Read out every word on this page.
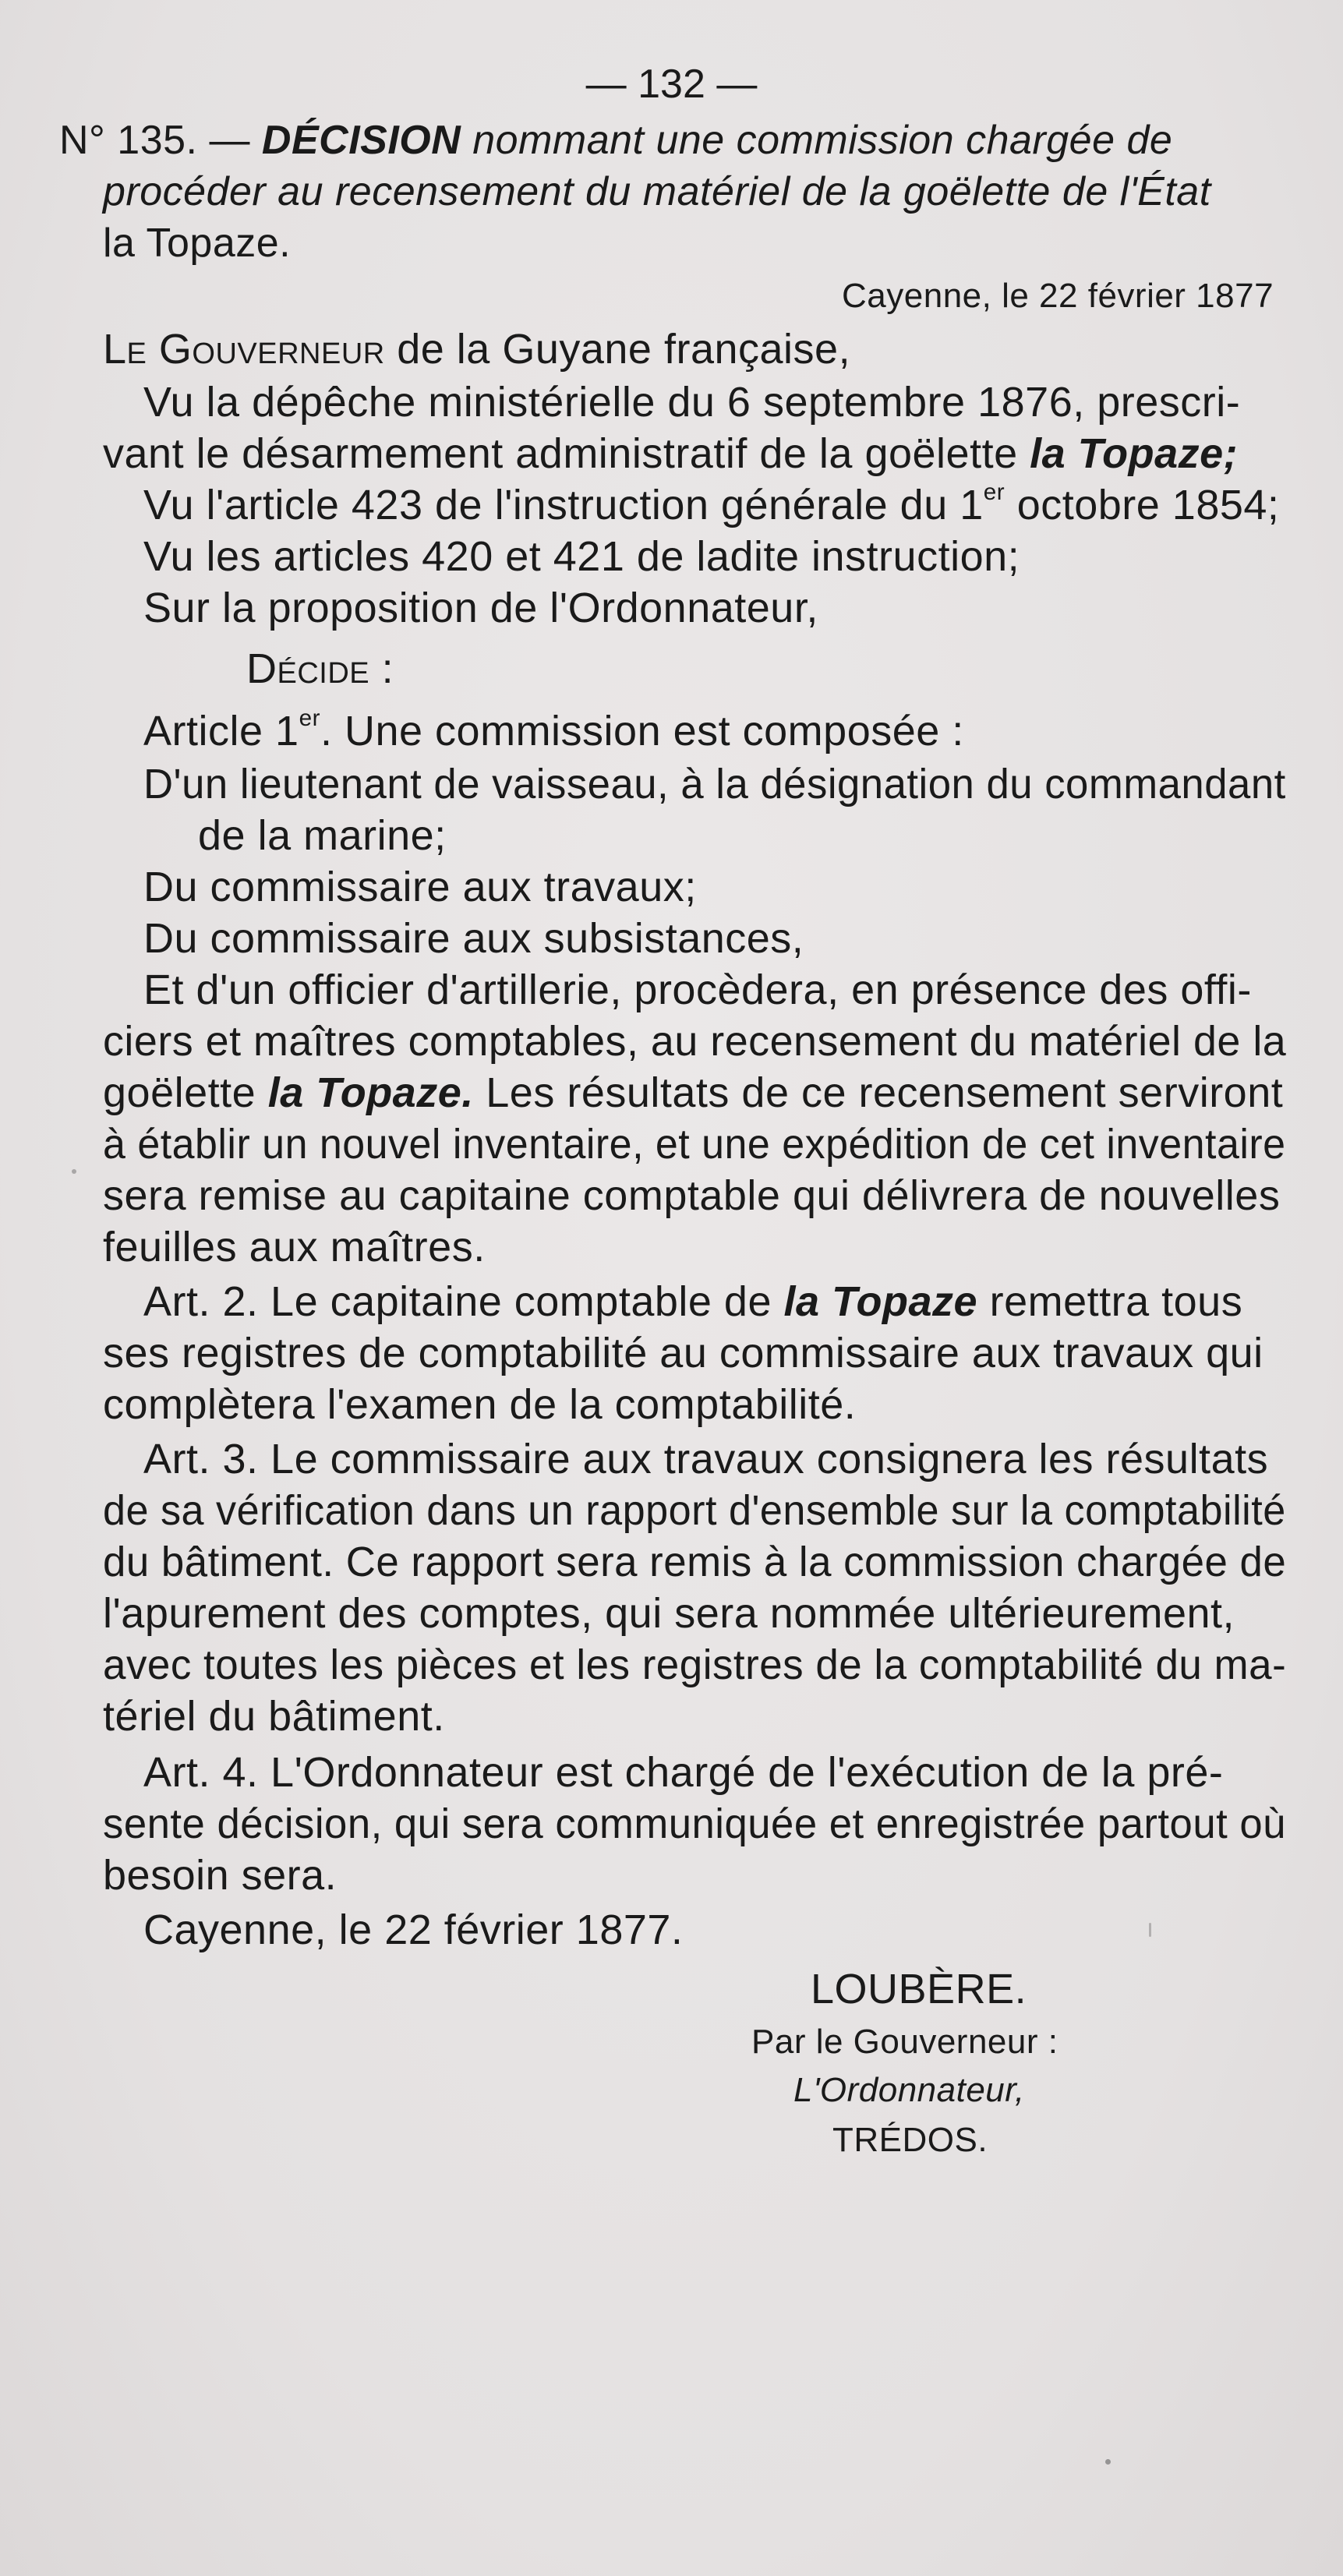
— 132 —
N° 135. — DÉCISION nommant une commission chargée de
procéder au recensement du matériel de la goëlette de l'État
la Topaze.
Cayenne, le 22 février 1877
Le Gouverneur de la Guyane française,
Vu la dépêche ministérielle du 6 septembre 1876, prescri-
vant le désarmement administratif de la goëlette la Topaze;
Vu l'article 423 de l'instruction générale du 1er octobre 1854;
Vu les articles 420 et 421 de ladite instruction;
Sur la proposition de l'Ordonnateur,
Décide :
Article 1er. Une commission est composée :
D'un lieutenant de vaisseau, à la désignation du commandant
de la marine;
Du commissaire aux travaux;
Du commissaire aux subsistances,
Et d'un officier d'artillerie, procèdera, en présence des offi-
ciers et maîtres comptables, au recensement du matériel de la
goëlette la Topaze. Les résultats de ce recensement serviront
à établir un nouvel inventaire, et une expédition de cet inventaire
sera remise au capitaine comptable qui délivrera de nouvelles
feuilles aux maîtres.
Art. 2. Le capitaine comptable de la Topaze remettra tous
ses registres de comptabilité au commissaire aux travaux qui
complètera l'examen de la comptabilité.
Art. 3. Le commissaire aux travaux consignera les résultats
de sa vérification dans un rapport d'ensemble sur la comptabilité
du bâtiment. Ce rapport sera remis à la commission chargée de
l'apurement des comptes, qui sera nommée ultérieurement,
avec toutes les pièces et les registres de la comptabilité du ma-
tériel du bâtiment.
Art. 4. L'Ordonnateur est chargé de l'exécution de la pré-
sente décision, qui sera communiquée et enregistrée partout où
besoin sera.
Cayenne, le 22 février 1877.
LOUBÈRE.
Par le Gouverneur :
L'Ordonnateur,
TRÉDOS.
